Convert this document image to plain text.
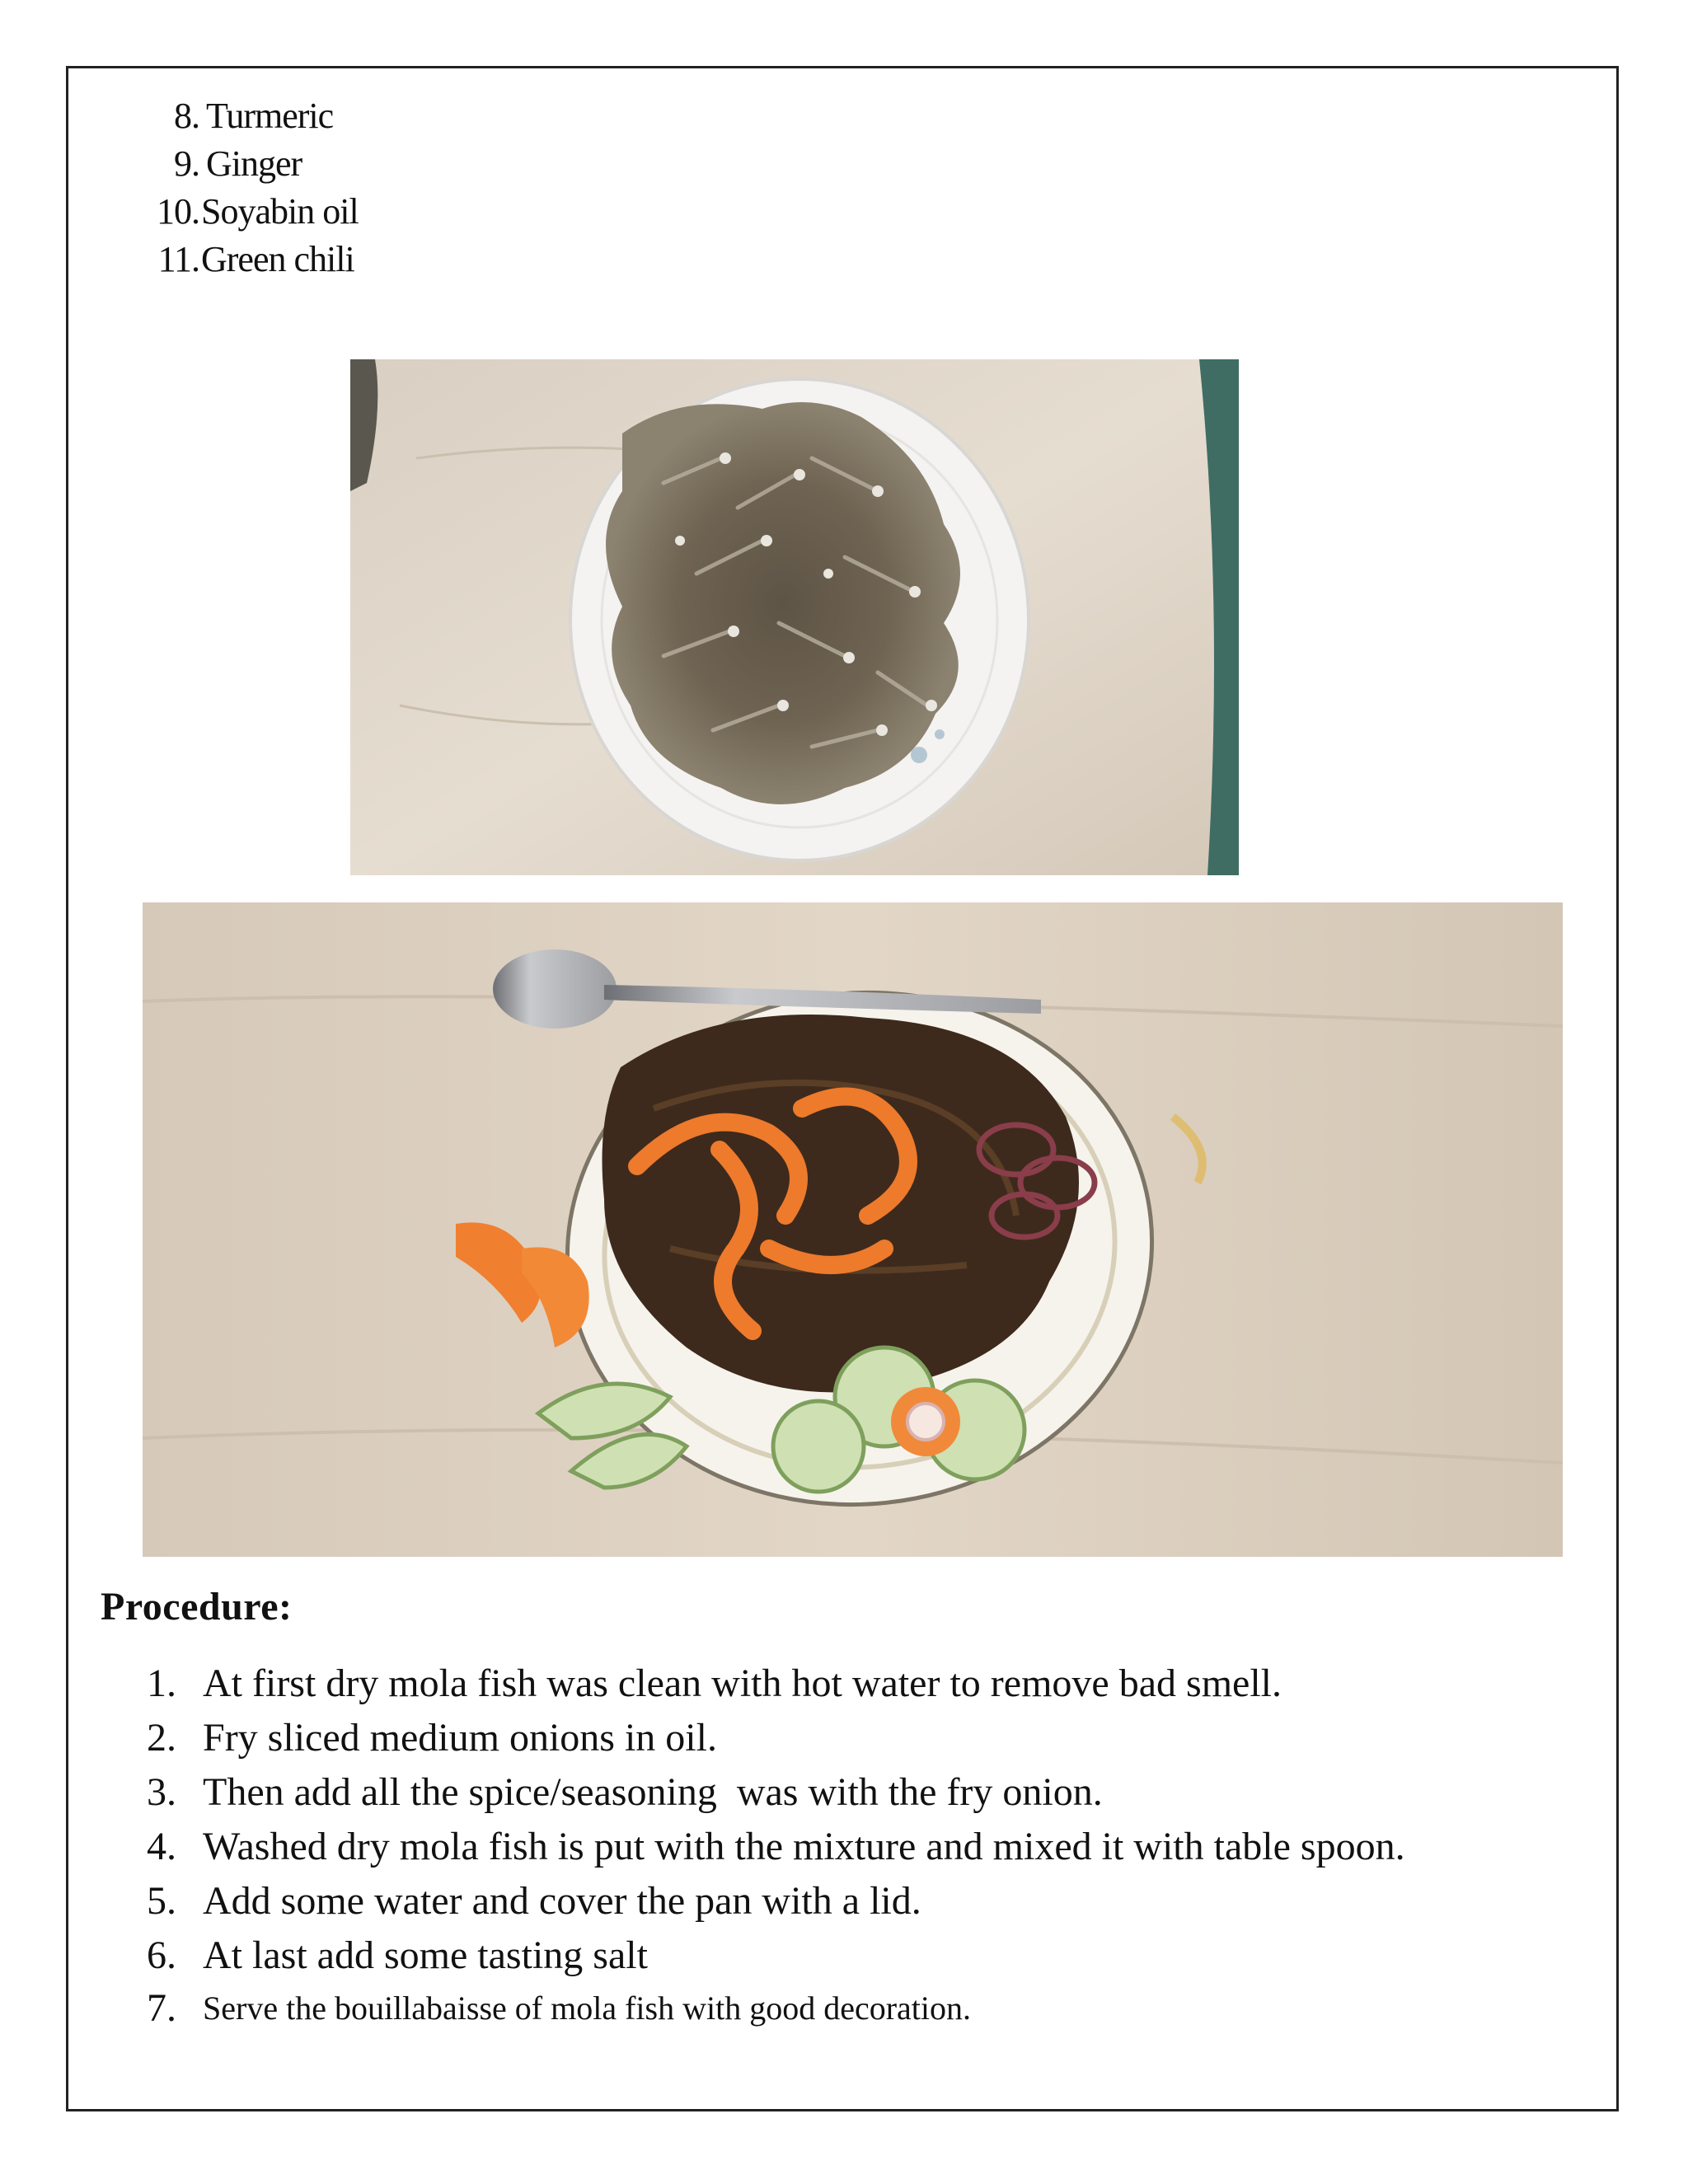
8. Turmeric
9. Ginger
10. Soyabin oil
11. Green chili
Procedure:
1. At first dry mola fish was clean with hot water to remove bad smell.
2. Fry sliced medium onions in oil.
3. Then add all the spice/seasoning  was with the fry onion.
4. Washed dry mola fish is put with the mixture and mixed it with table spoon.
5. Add some water and cover the pan with a lid.
6. At last add some tasting salt
7. Serve the bouillabaisse of mola fish with good decoration.
